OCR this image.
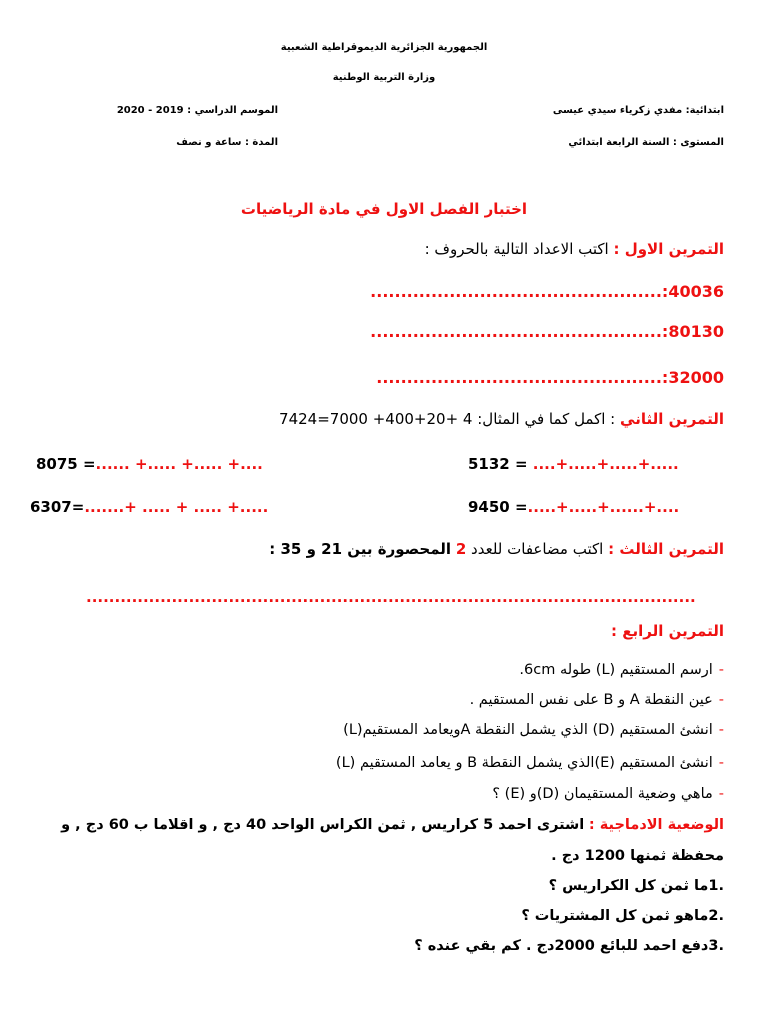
الجمهورية الجزائرية الديموقراطية الشعبية
وزارة التربية الوطنية
ابتدائية: مفدي زكرياء سيدي عيسى
الموسم الدراسي : 2019 - 2020
المستوى : السنة الرابعة ابتدائي
المدة : ساعة و نصف
اختبار الفصل الاول في مادة الرياضيات
التمرين الاول : اكتب الاعداد التالية بالحروف :
................................................:40036
................................................:80130
...............................................:32000
التمرين الثاني : اكمل كما في المثال: 7424=7000 +400+20+ 4
8075 =...... +..... +..... +....	5132 = ....+.....+.....+.....
6307=.......+ ..... + ..... +.....	9450 =.....+.....+......+....
التمرين الثالث : اكتب مضاعفات للعدد 2 المحصورة بين 21 و 35 :
...........................................................................................................
التمرين الرابع :
-ارسم المستقيم (L) طوله 6cm.
-عين النقطة A و B على نفس المستقيم .
-انشئ المستقيم (D) الذي يشمل النقطة Aويعامد المستقيم(L)
-انشئ المستقيم (E)الذي يشمل النقطة B و يعامد المستقيم (L)
-ماهي وضعية المستقيمان (D)و (E) ؟
الوضعية الادماجية : اشترى احمد 5 كراريس , ثمن الكراس الواحد 40 دج , و اقلاما ب 60 دج , و
محفظة ثمنها 1200 دج .
.1ما ثمن كل الكراريس ؟
.2ماهو ثمن كل المشتريات ؟
.3دفع احمد للبائع 2000دج . كم بقي عنده ؟
